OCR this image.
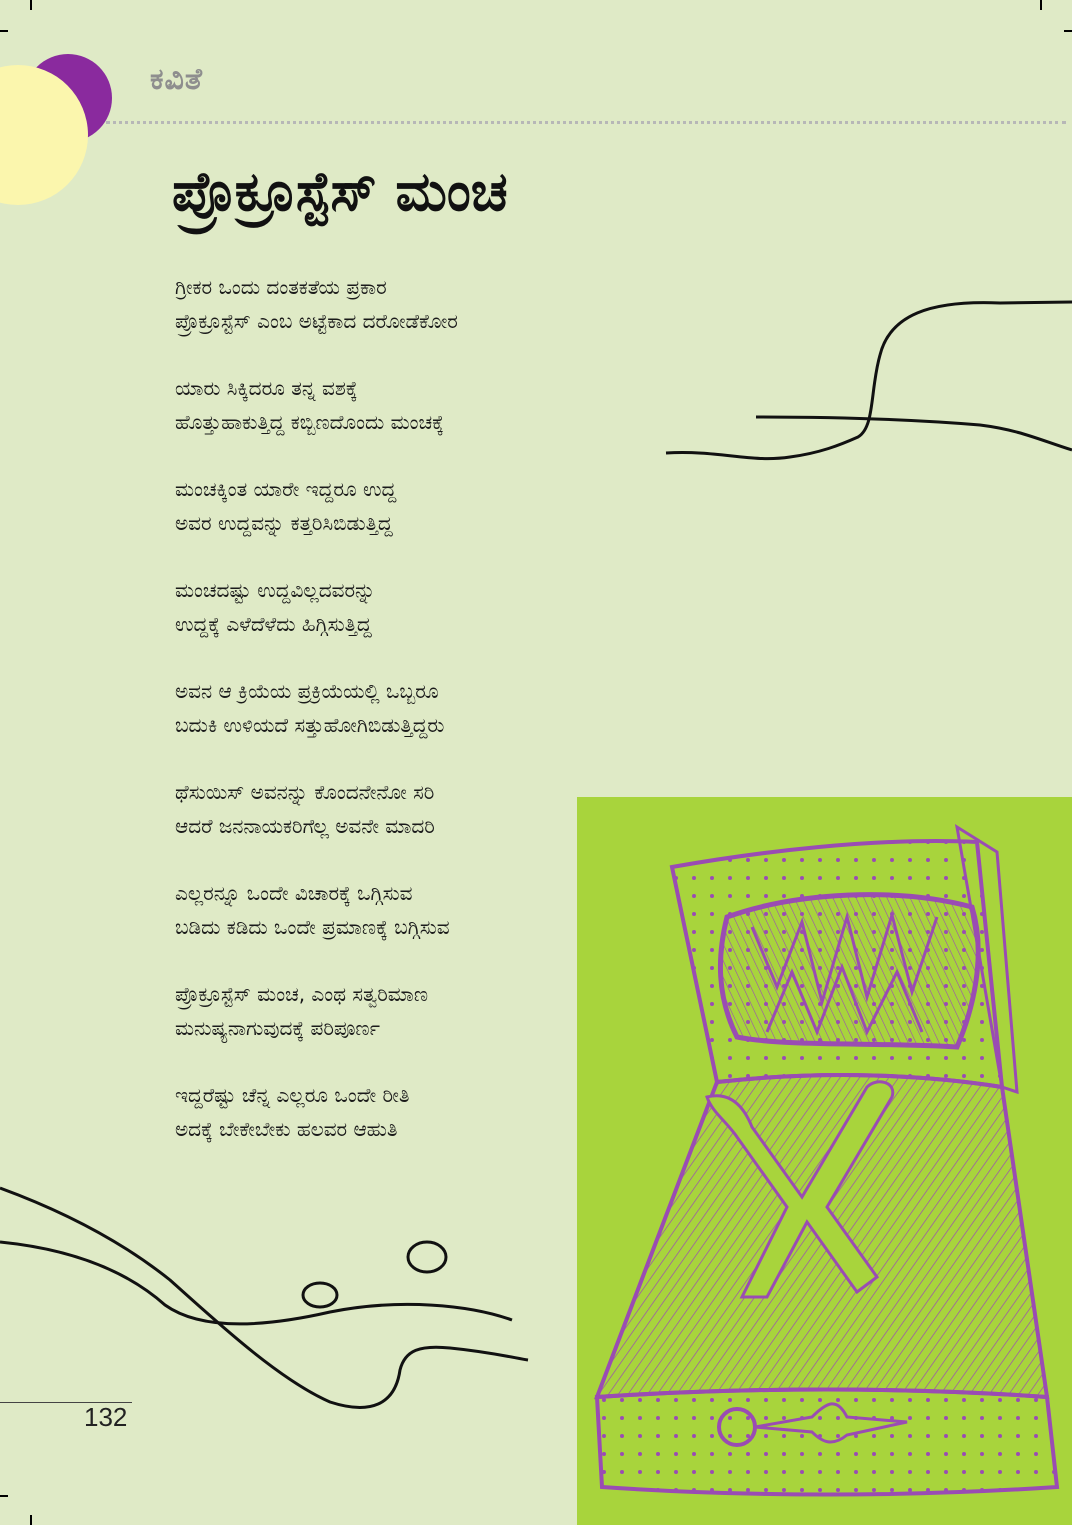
ಕವಿತೆ
ಪ್ರೊಕ್ರೂಸ್ಟೆಸ್ ಮಂಚ
ಗ್ರೀಕರ ಒಂದು ದಂತಕತೆಯ ಪ್ರಕಾರ
ಪ್ರೊಕ್ರೂಸ್ಟೆಸ್ ಎಂಬ ಅಟ್ಟೆಕಾದ ದರೋಡೆಕೋರ
ಯಾರು ಸಿಕ್ಕಿದರೂ ತನ್ನ ವಶಕ್ಕೆ
ಹೊತ್ತುಹಾಕುತ್ತಿದ್ದ ಕಬ್ಬಿಣದೊಂದು ಮಂಚಕ್ಕೆ
ಮಂಚಕ್ಕಿಂತ ಯಾರೇ ಇದ್ದರೂ ಉದ್ದ
ಅವರ ಉದ್ದವನ್ನು ಕತ್ತರಿಸಿಬಿಡುತ್ತಿದ್ದ
ಮಂಚದಷ್ಟು ಉದ್ದವಿಲ್ಲದವರನ್ನು
ಉದ್ದಕ್ಕೆ ಎಳೆದೆಳೆದು ಹಿಗ್ಗಿಸುತ್ತಿದ್ದ
ಅವನ ಆ ಕ್ರಿಯೆಯ ಪ್ರಕ್ರಿಯೆಯಲ್ಲಿ ಒಬ್ಬರೂ
ಬದುಕಿ ಉಳಿಯದೆ ಸತ್ತುಹೋಗಿಬಿಡುತ್ತಿದ್ದರು
ಥೆಸುಯಿಸ್ ಅವನನ್ನು ಕೊಂದನೇನೋ ಸರಿ
ಆದರೆ ಜನನಾಯಕರಿಗೆಲ್ಲ ಅವನೇ ಮಾದರಿ
ಎಲ್ಲರನ್ನೂ ಒಂದೇ ವಿಚಾರಕ್ಕೆ ಒಗ್ಗಿಸುವ
ಬಡಿದು ಕಡಿದು ಒಂದೇ ಪ್ರಮಾಣಕ್ಕೆ ಬಗ್ಗಿಸುವ
ಪ್ರೊಕ್ರೂಸ್ಟೆಸ್ ಮಂಚ, ಎಂಥ ಸತ್ವರಿಮಾಣ
ಮನುಷ್ಯನಾಗುವುದಕ್ಕೆ ಪರಿಪೂರ್ಣ
ಇದ್ದರೆಷ್ಟು ಚೆನ್ನ ಎಲ್ಲರೂ ಒಂದೇ ರೀತಿ
ಅದಕ್ಕೆ ಬೇಕೇಬೇಕು ಹಲವರ ಆಹುತಿ
132
